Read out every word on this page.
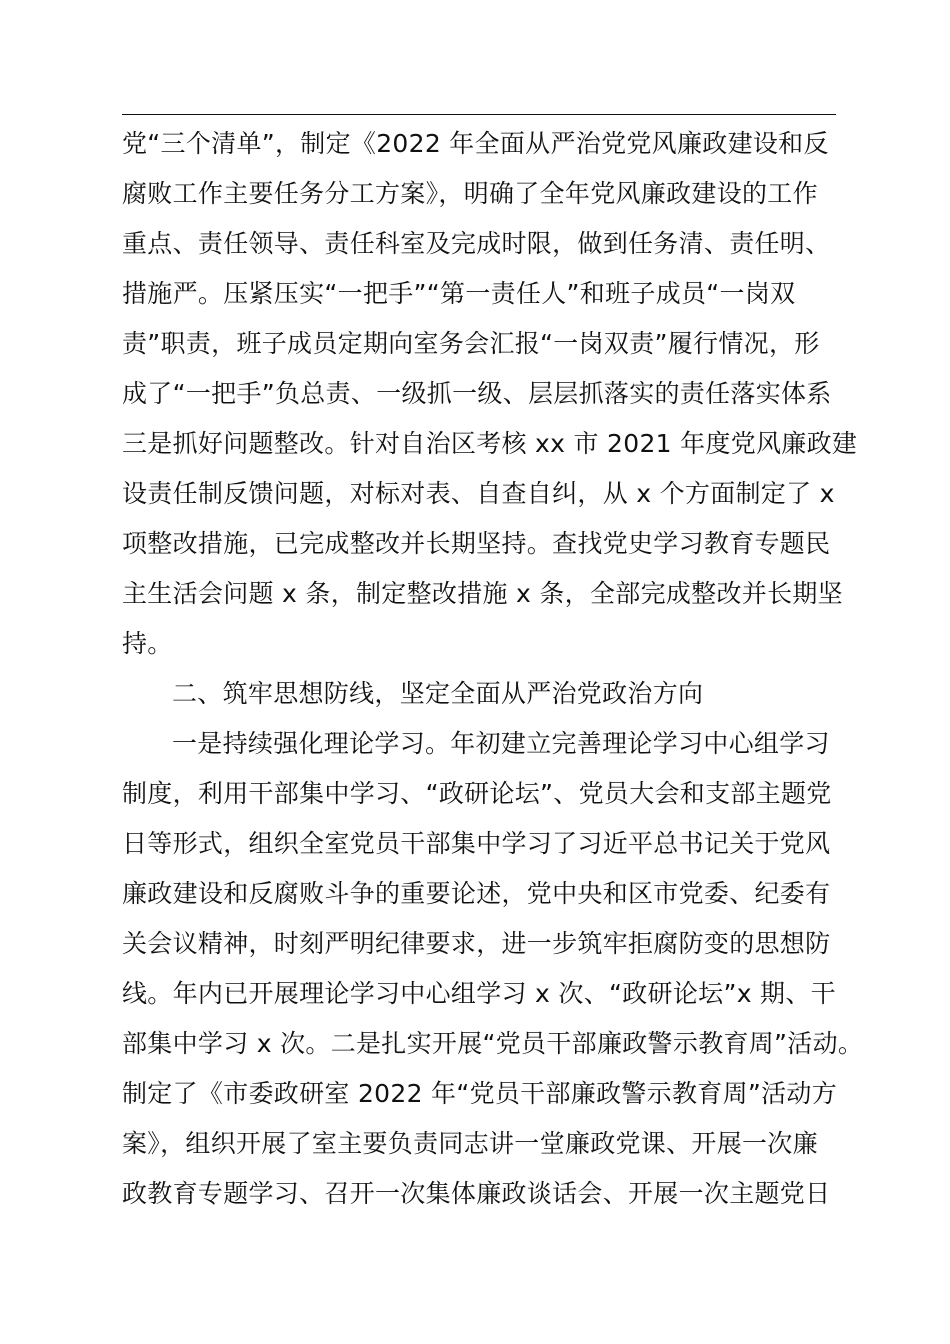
党“三个清单”，制定《2022 年全面从严治党党风廉政建设和反
腐败工作主要任务分工方案》，明确了全年党风廉政建设的工作
重点、责任领导、责任科室及完成时限，做到任务清、责任明、
措施严。压紧压实“一把手”“第一责任人”和班子成员“一岗双
责”职责，班子成员定期向室务会汇报“一岗双责”履行情况，形
成了“一把手”负总责、一级抓一级、层层抓落实的责任落实体系
三是抓好问题整改。针对自治区考核 xx 市 2021 年度党风廉政建
设责任制反馈问题，对标对表、自查自纠，从 x 个方面制定了 x
项整改措施，已完成整改并长期坚持。查找党史学习教育专题民
主生活会问题 x 条，制定整改措施 x 条，全部完成整改并长期坚
持。
二、筑牢思想防线，坚定全面从严治党政治方向
一是持续强化理论学习。年初建立完善理论学习中心组学习
制度，利用干部集中学习、“政研论坛”、党员大会和支部主题党
日等形式，组织全室党员干部集中学习了习近平总书记关于党风
廉政建设和反腐败斗争的重要论述，党中央和区市党委、纪委有
关会议精神，时刻严明纪律要求，进一步筑牢拒腐防变的思想防
线。年内已开展理论学习中心组学习 x 次、“政研论坛”x 期、干
部集中学习 x 次。二是扎实开展“党员干部廉政警示教育周”活动。
制定了《市委政研室 2022 年“党员干部廉政警示教育周”活动方
案》，组织开展了室主要负责同志讲一堂廉政党课、开展一次廉
政教育专题学习、召开一次集体廉政谈话会、开展一次主题党日
